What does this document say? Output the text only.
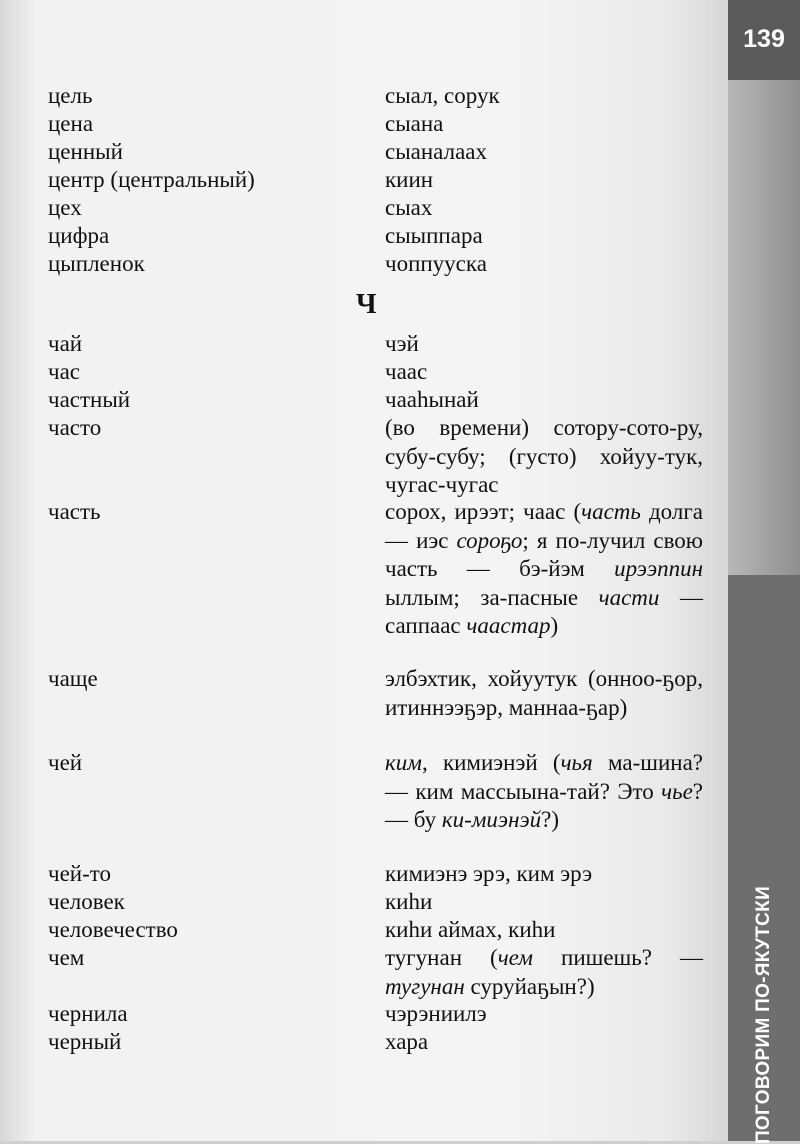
139
ПОГОВОРИМ ПО-ЯКУТСКИ
Ч
цель	сыал, сорук
цена	сыана
ценный	сыаналаах
центр (центральный)	киин
цех	сыах
цифра	сыыппара
цыпленок	чоппууска
чай	чэй
час	чаас
частный	чааһынай
часто	(во времени) сотору-сото-ру, субу-субу; (густо) хойуу-тук, чугас-чугас
часть	сорох, ирээт; чаас (часть долга — иэс сороҕо; я по-лучил свою часть — бэ-йэм ирээппин ыллым; за-пасные части — саппаас чаастар)
чаще	элбэхтик, хойуутук (онноо-ҕор, итиннээҕэр, маннаа-ҕар)
чей	ким, кимиэнэй (чья ма-шина? — ким массыына-тай? Это чье? — бу ки-миэнэй?)
чей-то	кимиэнэ эрэ, ким эрэ
человек	киһи
человечество	киһи аймах, киһи
чем	тугунан (чем пишешь? — тугунан суруйаҕын?)
чернила	чэрэниилэ
черный	хара
